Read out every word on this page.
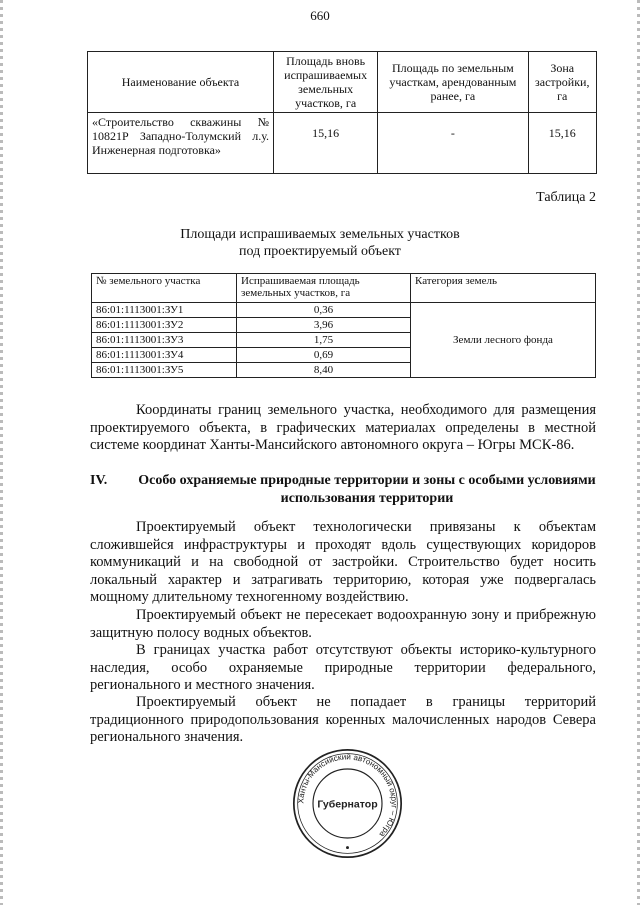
660
Наименование объекта	Площадь вновь испрашиваемых земельных участков, га	Площадь по земельным участкам, арендованным ранее, га	Зона застройки, га
«Строительство скважины № 10821Р Западно-Толумский л.у. Инженерная подготовка»	15,16	-	15,16
Таблица 2
Площади испрашиваемых земельных участков
под проектируемый объект
№ земельного участка	Испрашиваемая площадь земельных участков, га	Категория земель
86:01:1113001:ЗУ1	0,36	Земли лесного фонда
86:01:1113001:ЗУ2	3,96	
86:01:1113001:ЗУ3	1,75	
86:01:1113001:ЗУ4	0,69	
86:01:1113001:ЗУ5	8,40	

Координаты границ земельного участка, необходимого для размещения проектируемого объекта, в графических материалах определены в местной системе координат Ханты-Мансийского автономного округа – Югры МСК-86.

IV.	Особо охраняемые природные территории и зоны с особыми условиями использования территории

Проектируемый объект технологически привязаны к объектам сложившейся инфраструктуры и проходят вдоль существующих коридоров коммуникаций и на свободной от застройки. Строительство будет носить локальный характер и затрагивать территорию, которая уже подвергалась мощному длительному техногенному воздействию.

Проектируемый объект не пересекает водоохранную зону и прибрежную защитную полосу водных объектов.

В границах участка работ отсутствуют объекты историко-культурного наследия, особо охраняемые природные территории федерального, регионального и местного значения.

Проектируемый объект не попадает в границы территорий традиционного природопользования коренных малочисленных народов Севера регионального значения.

Ханты-Мансийский автономный округ – Югра
Губернатор
